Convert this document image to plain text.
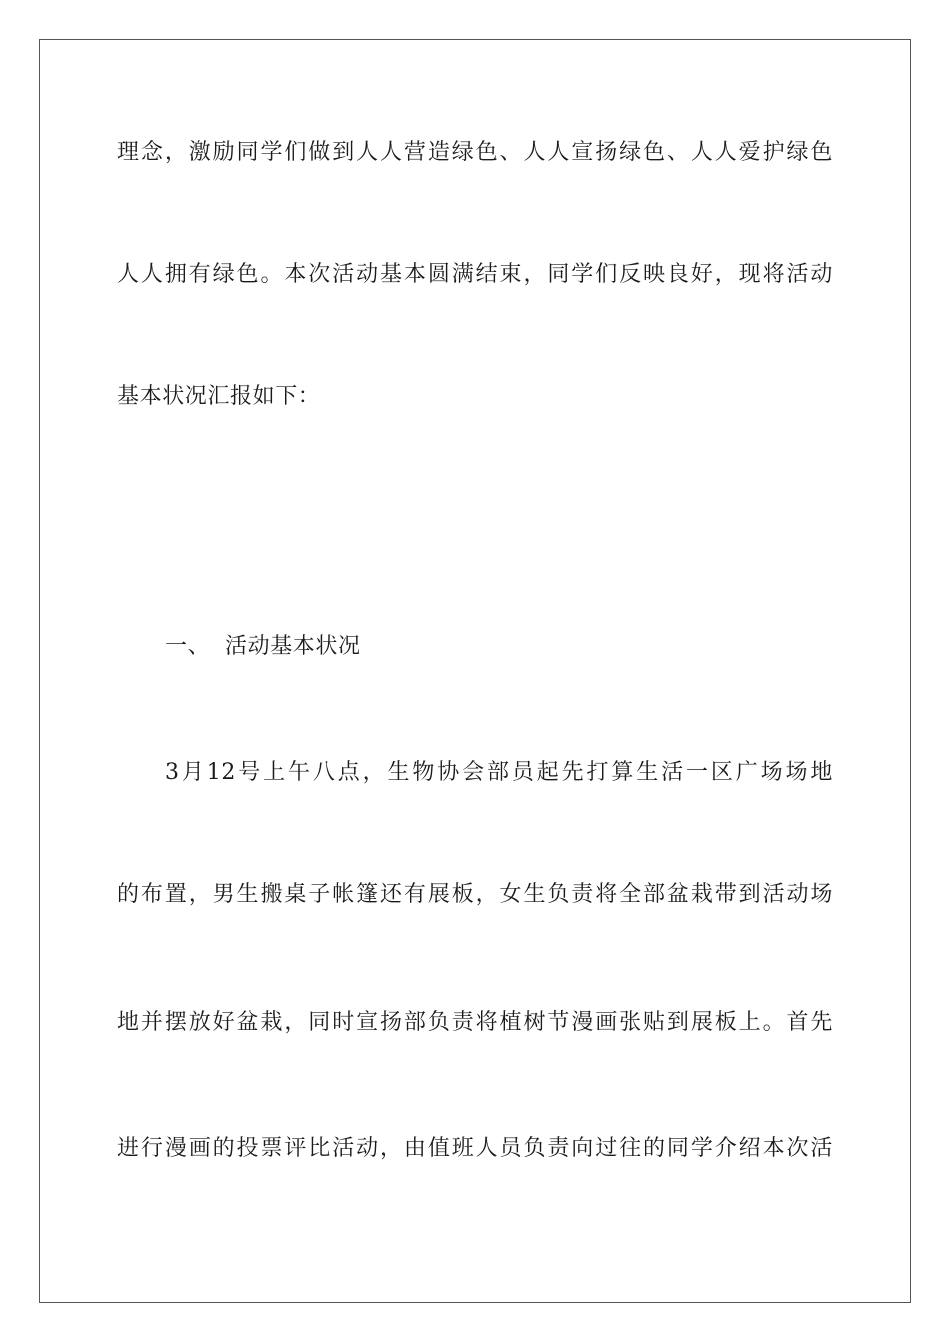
理念，激励同学们做到人人营造绿色、人人宣扬绿色、人人爱护绿色
人人拥有绿色。本次活动基本圆满结束，同学们反映良好，现将活动
基本状况汇报如下：
一、 活动基本状况
3月12号上午八点，生物协会部员起先打算生活一区广场场地
的布置，男生搬桌子帐篷还有展板，女生负责将全部盆栽带到活动场
地并摆放好盆栽，同时宣扬部负责将植树节漫画张贴到展板上。首先
进行漫画的投票评比活动，由值班人员负责向过往的同学介绍本次活
